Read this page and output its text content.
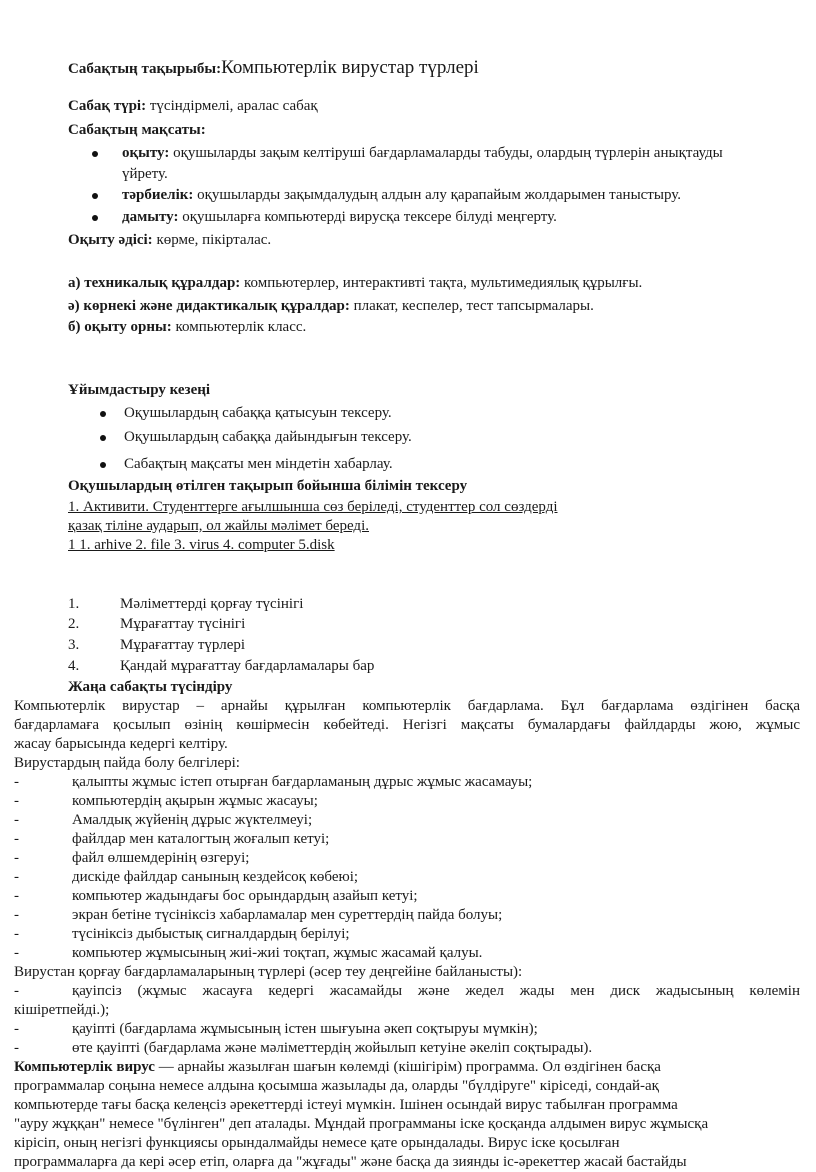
Сабақтың тақырыбы:Компьютерлік вирустар түрлері
Сабақ түрі: түсіндірмелі, аралас сабақ
Сабақтың мақсаты:
оқыту: оқушыларды зақым келтіруші бағдарламаларды табуды, олардың түрлерін анықтауды
үйрету.
тәрбиелік: оқушыларды зақымдалудың алдын алу қарапайым жолдарымен таныстыру.
дамыту: оқушыларға компьютерді вирусқа тексере білуді меңгерту.
Оқыту әдісі: көрме, пікірталас.
а) техникалық құралдар: компьютерлер, интерактивті тақта, мультимедиялық құрылғы.
ә) көрнекі және дидактикалық құралдар: плакат, кеспелер, тест тапсырмалары.
б) оқыту орны: компьютерлік класс.
Ұйымдастыру кезеңі
Оқушылардың сабаққа қатысуын тексеру.
Оқушылардың сабаққа дайындығын тексеру.
Сабақтың мақсаты мен міндетін хабарлау.
Оқушылардың өтілген тақырып бойынша білімін тексеру
1. Активити. Студенттерге ағылшынша сөз беріледі, студенттер сол сөздерді
қазақ тіліне аударып, ол жайлы мәлімет береді.
1 1. arhive 2. file 3. virus 4. computer 5.disk
1.	Мәліметтерді қорғау түсінігі
2.	Мұрағаттау түсінігі
3.	Мұрағаттау түрлері
4.	Қандай мұрағаттау бағдарламалары бар
Жаңа сабақты түсіндіру
Компьютерлік вирустар – арнайы құрылған компьютерлік бағдарлама. Бұл бағдарлама өздігінен басқа
бағдарламаға қосылып өзінің көшірмесін көбейтеді. Негізгі мақсаты бумалардағы файлдарды жою, жұмыс
жасау барысында кедергі келтіру.
Вирустардың пайда болу белгілері:
-	қалыпты жұмыс істеп отырған бағдарламаның дұрыс жұмыс жасамауы;
-	компьютердің ақырын жұмыс жасауы;
-	Амалдық жүйенің дұрыс жүктелмеуі;
-	файлдар мен каталогтың жоғалып кетуі;
-	файл өлшемдерінің өзгеруі;
-	дискіде файлдар санының кездейсоқ көбеюі;
-	компьютер жадындағы бос орындардың азайып кетуі;
-	экран бетіне түсініксіз хабарламалар мен суреттердің пайда болуы;
-	түсініксіз дыбыстық сигналдардың берілуі;
-	компьютер жұмысының жиі-жиі тоқтап, жұмыс жасамай қалуы.
Вирустан қорғау бағдарламаларының түрлері (әсер теу деңгейіне байланысты):
-	қауіпсіз (жұмыс жасауға кедергі жасамайды және жедел жады мен диск жадысының көлемін
кішіретпейді.);
-	қауіпті (бағдарлама жұмысының істен шығуына әкеп соқтыруы мүмкін);
-	өте қауіпті (бағдарлама және мәліметтердің жойылып кетуіне әкеліп соқтырады).
Компьютерлік вирус — арнайы жазылған шағын көлемді (кішігірім) программа. Ол өздігінен басқа
программалар соңына немесе алдына қосымша жазылады да, оларды "бүлдіруге" кіріседі, сондай-ақ
компьютерде тағы басқа келеңсіз әрекеттерді істеуі мүмкін. Ішінен осындай вирус табылған программа
"ауру жұққан" немесе "бүлінген" деп аталады. Мұндай программаны іске қосқанда алдымен вирус жұмысқа
кірісіп, оның негізгі функциясы орындалмайды немесе қате орындалады. Вирус іске қосылған
программаларға да кері әсер етіп, оларға да "жұғады" және басқа да зиянды іс-әрекеттер жасай бастайды
